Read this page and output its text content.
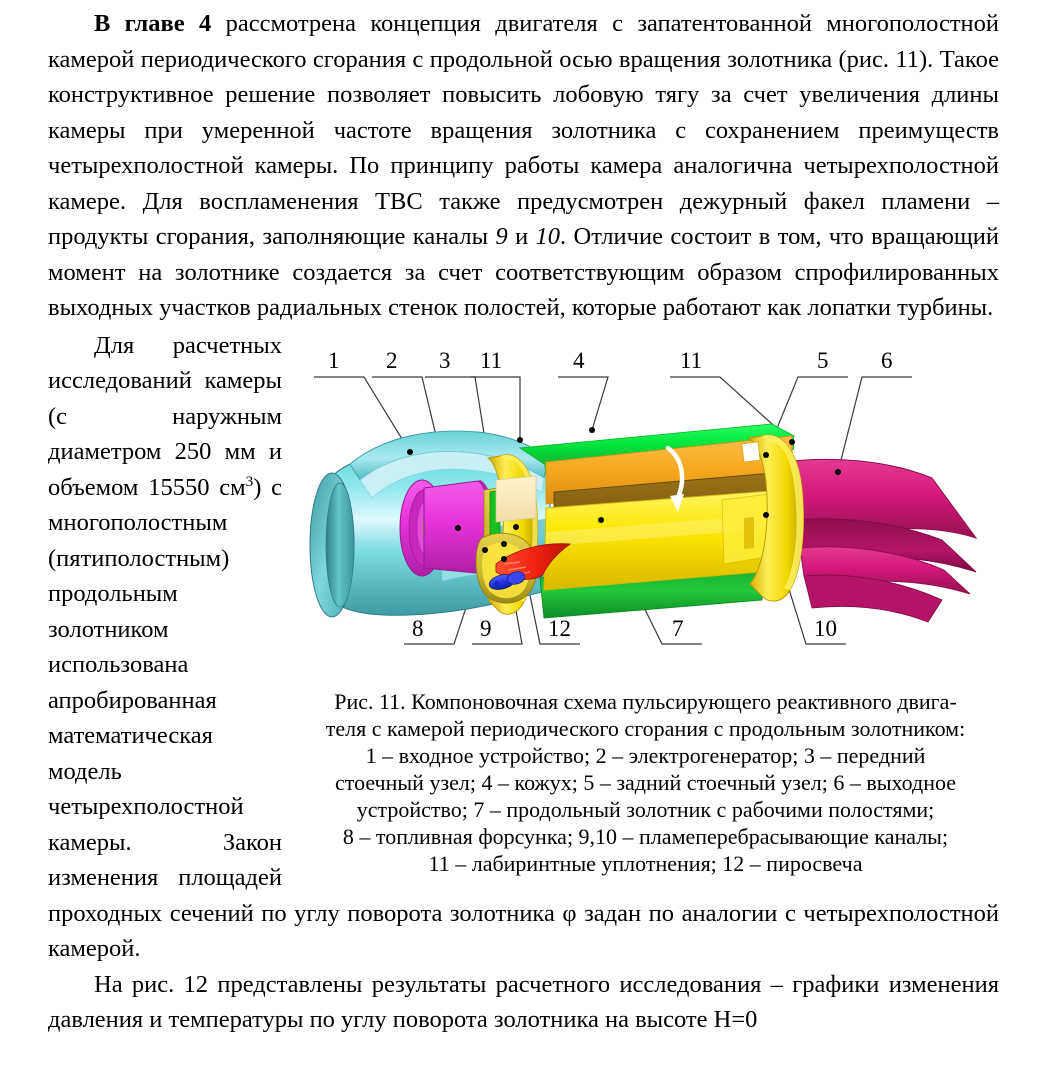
В главе 4 рассмотрена концепция двигателя с запатентованной многополостной камерой периодического сгорания с продольной осью вращения золотника (рис. 11). Такое конструктивное решение позволяет повысить лобовую тягу за счет увеличения длины камеры при умеренной частоте вращения золотника с сохранением преимуществ четырехполостной камеры. По принципу работы камера аналогична четырехполостной камере. Для воспламенения ТВС также предусмотрен дежурный факел пламени – продукты сгорания, заполняющие каналы 9 и 10. Отличие состоит в том, что вращающий момент на золотнике создается за счет соответствующим образом спрофилированных выходных участков радиальных стенок полостей, которые работают как лопатки турбины.

1 2 3 11	4	11	5 6
8 9 12	7	10
Рис. 11. Компоновочная схема пульсирующего реактивного двига-
теля с камерой периодического сгорания с продольным золотником:
1 – входное устройство; 2 – электрогенератор; 3 – передний
стоечный узел; 4 – кожух; 5 – задний стоечный узел; 6 – выходное
устройство; 7 – продольный золотник с рабочими полостями;
8 – топливная форсунка; 9,10 – пламеперебрасывающие каналы;
11 – лабиринтные уплотнения; 12 – пиросвеча

Для расчетных исследований камеры (с наружным диаметром 250 мм и объемом 15550 $см^3$) с многополостным (пятиполостным) продольным золотником использована апробированная математическая модель четырехполостной камеры. Закон изменения площадей проходных сечений по углу поворота золотника φ задан по аналогии с четырехполостной камерой.

На рис. 12 представлены результаты расчетного исследования – графики изменения давления и температуры по углу поворота золотника на высоте Н=0
